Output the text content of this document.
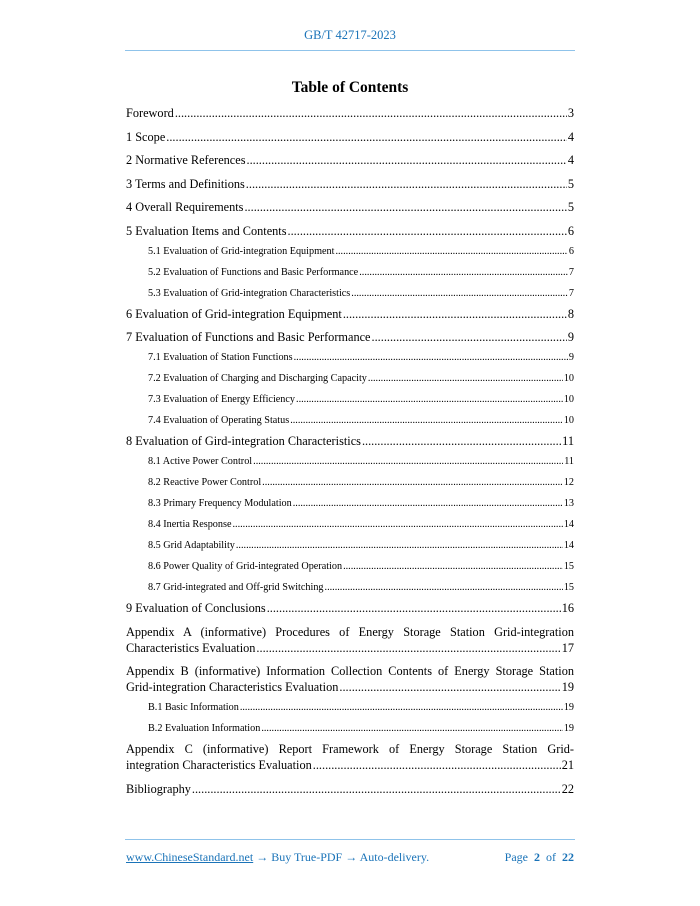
GB/T 42717-2023
Table of Contents
Foreword .....	3
1 Scope .....	4
2 Normative References .....	4
3 Terms and Definitions .....	5
4 Overall Requirements .....	5
5 Evaluation Items and Contents .....	6
5.1 Evaluation of Grid-integration Equipment .....	6
5.2 Evaluation of Functions and Basic Performance .....	7
5.3 Evaluation of Grid-integration Characteristics .....	7
6 Evaluation of Grid-integration Equipment .....	8
7 Evaluation of Functions and Basic Performance .....	9
7.1 Evaluation of Station Functions .....	9
7.2 Evaluation of Charging and Discharging Capacity .....	10
7.3 Evaluation of Energy Efficiency .....	10
7.4 Evaluation of Operating Status .....	10
8 Evaluation of Gird-integration Characteristics .....	11
8.1 Active Power Control .....	11
8.2 Reactive Power Control .....	12
8.3 Primary Frequency Modulation .....	13
8.4 Inertia Response .....	14
8.5 Grid Adaptability .....	14
8.6 Power Quality of Grid-integrated Operation .....	15
8.7 Grid-integrated and Off-grid Switching .....	15
9 Evaluation of Conclusions .....	16
Appendix A (informative) Procedures of Energy Storage Station Grid-integration
Characteristics Evaluation .....	17
Appendix B (informative) Information Collection Contents of Energy Storage Station
Grid-integration Characteristics Evaluation .....	19
B.1 Basic Information .....	19
B.2 Evaluation Information .....	19
Appendix C (informative) Report Framework of Energy Storage Station Grid-
integration Characteristics Evaluation .....	21
Bibliography .....	22
www.ChineseStandard.net → Buy True-PDF → Auto-delivery.	Page 2 of 22
